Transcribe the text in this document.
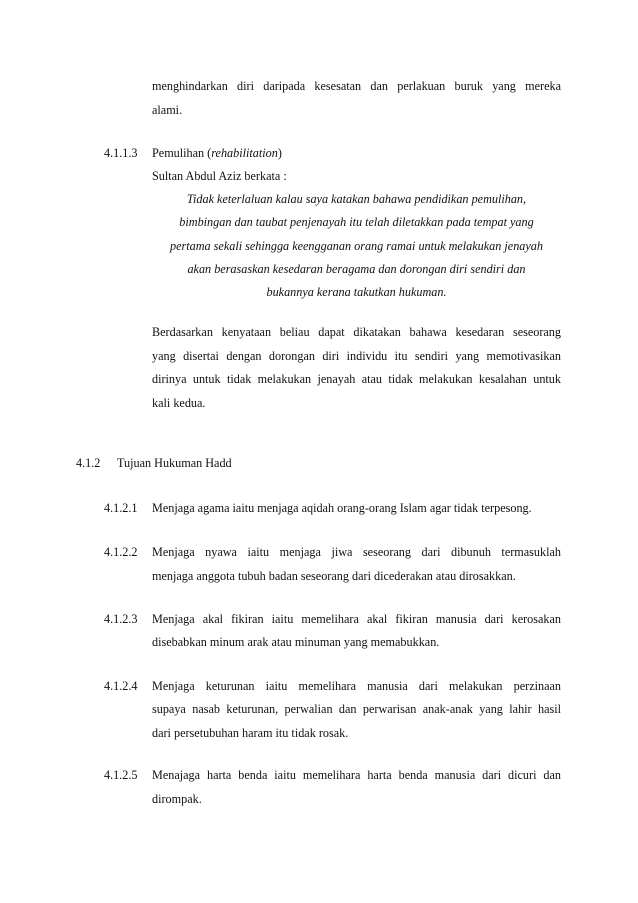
menghindarkan diri daripada kesesatan dan perlakuan buruk yang mereka
alami.
4.1.1.3 Pemulihan (rehabilitation)
Sultan Abdul Aziz berkata :
Tidak keterlaluan kalau saya katakan bahawa pendidikan pemulihan,
bimbingan dan taubat penjenayah itu telah diletakkan pada tempat yang
pertama sekali sehingga keengganan orang ramai untuk melakukan jenayah
akan berasaskan kesedaran beragama dan dorongan diri sendiri dan
bukannya kerana takutkan hukuman.
Berdasarkan kenyataan beliau dapat dikatakan bahawa kesedaran seseorang
yang disertai dengan dorongan diri individu itu sendiri yang memotivasikan
dirinya untuk tidak melakukan jenayah atau tidak melakukan kesalahan untuk
kali kedua.
4.1.2 Tujuan Hukuman Hadd
4.1.2.1 Menjaga agama iaitu menjaga aqidah orang-orang Islam agar tidak terpesong.
4.1.2.2 Menjaga nyawa iaitu menjaga jiwa seseorang dari dibunuh termasuklah
menjaga anggota tubuh badan seseorang dari dicederakan atau dirosakkan.
4.1.2.3 Menjaga akal fikiran iaitu memelihara akal fikiran manusia dari kerosakan
disebabkan minum arak atau minuman yang memabukkan.
4.1.2.4 Menjaga keturunan iaitu memelihara manusia dari melakukan perzinaan
supaya nasab keturunan, perwalian dan perwarisan anak-anak yang lahir hasil
dari persetubuhan haram itu tidak rosak.
4.1.2.5 Menajaga harta benda iaitu memelihara harta benda manusia dari dicuri dan
dirompak.
